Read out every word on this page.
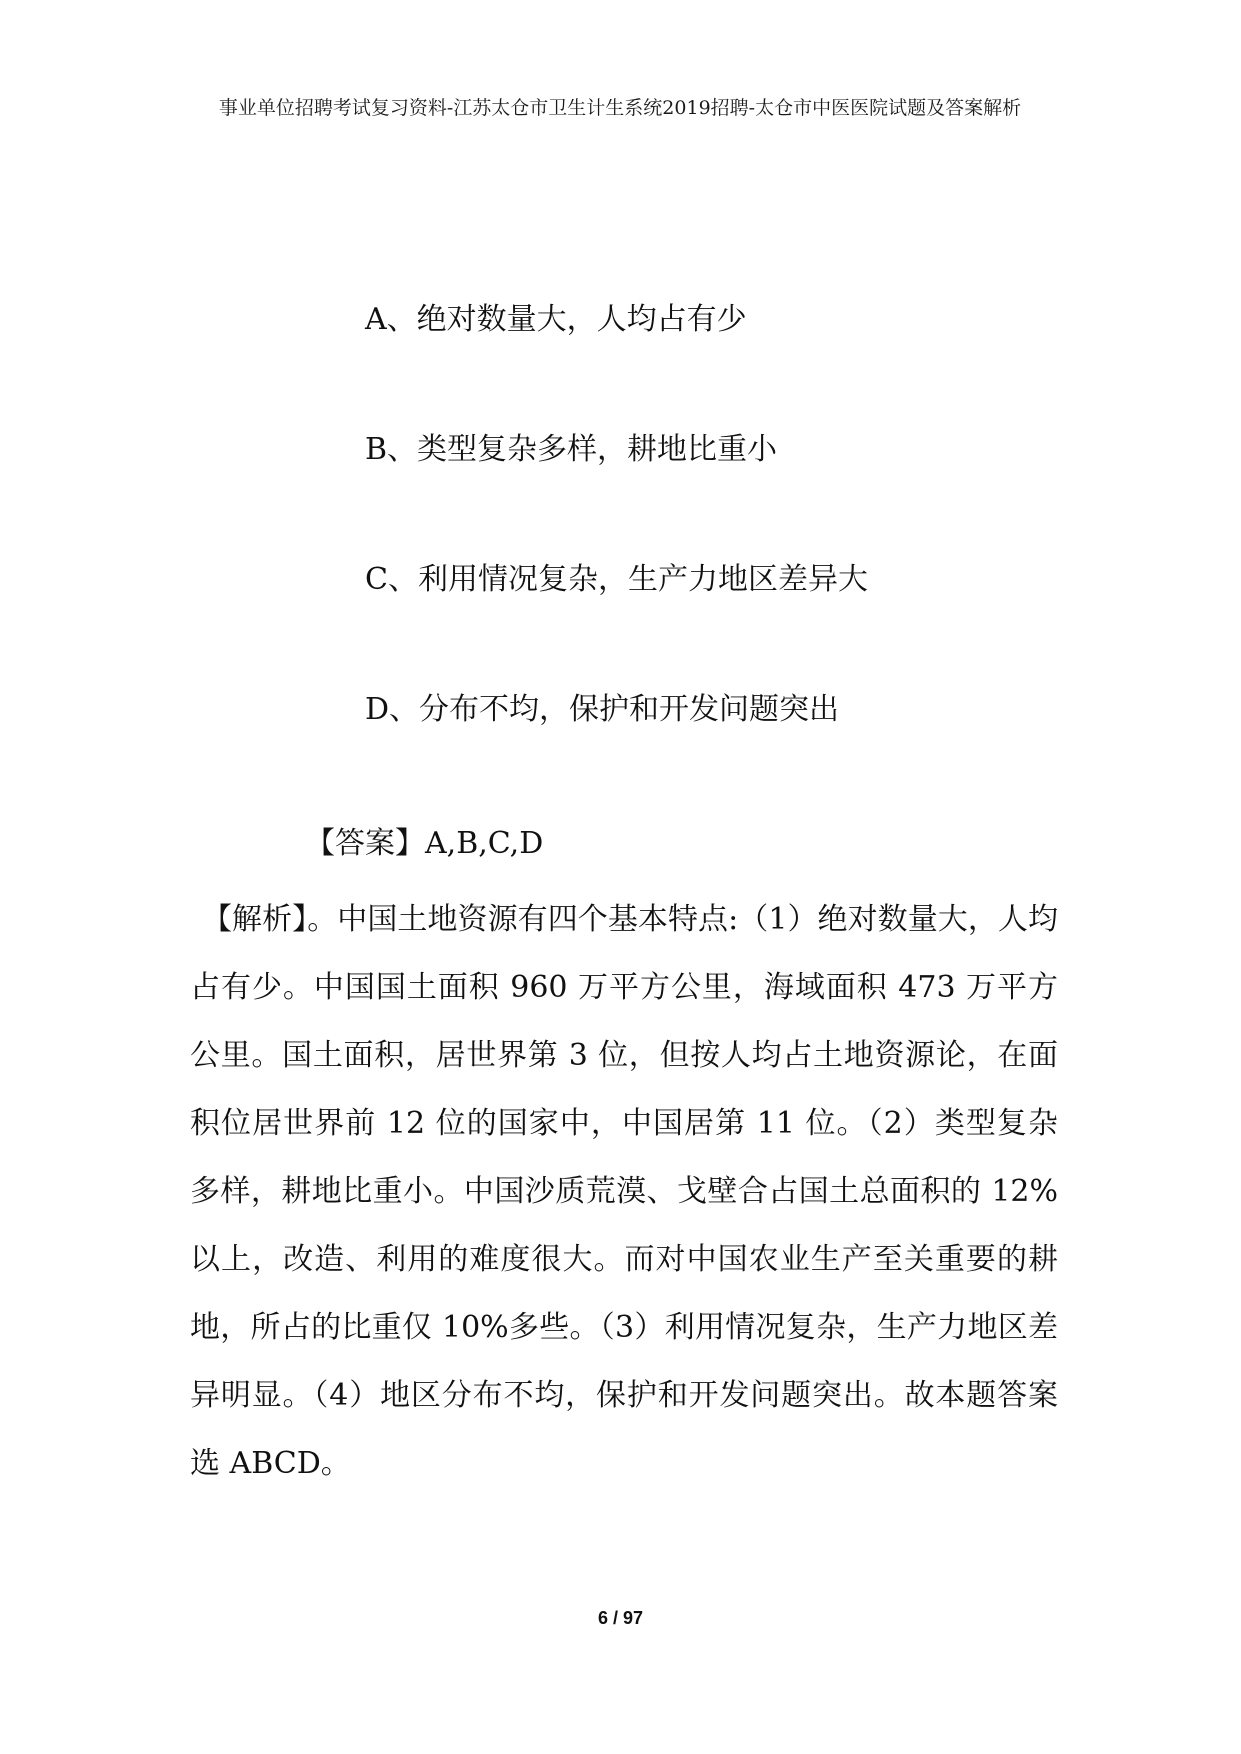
事业单位招聘考试复习资料-江苏太仓市卫生计生系统2019招聘-太仓市中医医院试题及答案解析
A、绝对数量大，人均占有少
B、类型复杂多样，耕地比重小
C、利用情况复杂，生产力地区差异大
D、分布不均，保护和开发问题突出
【答案】A,B,C,D
【解析】。中国土地资源有四个基本特点:（1）绝对数量大，人均占有少。中国国土面积 960 万平方公里，海域面积 473 万平方公里。国土面积，居世界第 3 位，但按人均占土地资源论，在面积位居世界前 12 位的国家中，中国居第 11 位。（2）类型复杂多样，耕地比重小。中国沙质荒漠、戈壁合占国土总面积的 12%以上，改造、利用的难度很大。而对中国农业生产至关重要的耕地，所占的比重仅 10%多些。（3）利用情况复杂，生产力地区差异明显。（4）地区分布不均，保护和开发问题突出。故本题答案选 ABCD。
6 / 97
